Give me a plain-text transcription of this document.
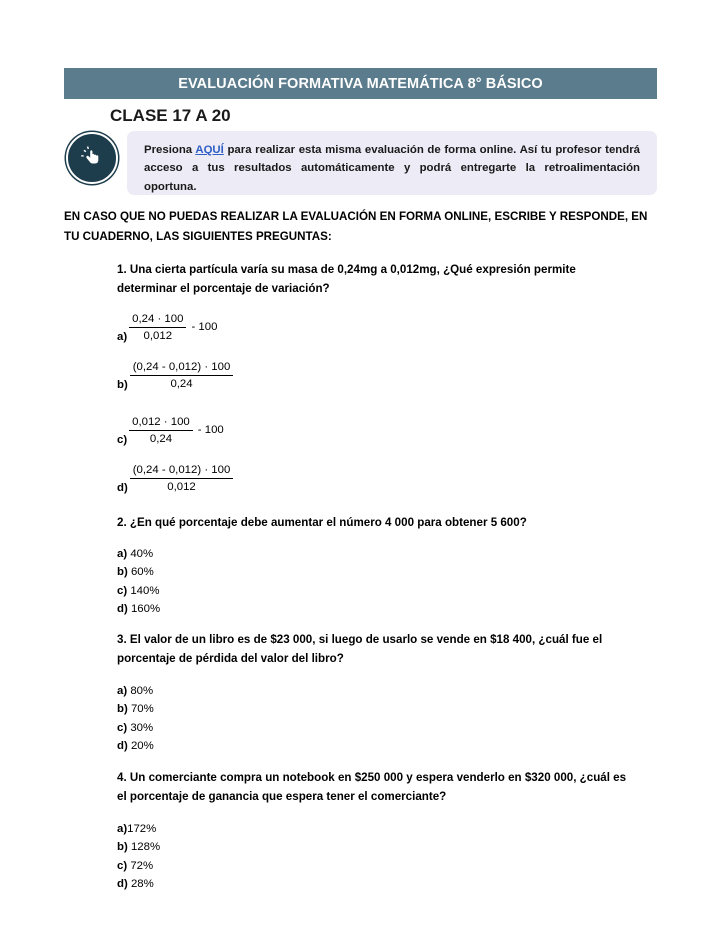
EVALUACIÓN FORMATIVA MATEMÁTICA 8° BÁSICO
CLASE 17 A 20
Presiona AQUÍ para realizar esta misma evaluación de forma online. Así tu profesor tendrá acceso a tus resultados automáticamente y podrá entregarte la retroalimentación oportuna.
EN CASO QUE NO PUEDAS REALIZAR LA EVALUACIÓN EN FORMA ONLINE, ESCRIBE Y RESPONDE, EN TU CUADERNO, LAS SIGUIENTES PREGUNTAS:
1. Una cierta partícula varía su masa de 0,24mg a 0,012mg, ¿Qué expresión permite determinar el porcentaje de variación?
$a) \frac{0,24 \cdot 100}{0,012} - 100$
$b) \frac{(0,24 - 0,012) \cdot 100}{0,24}$
$c) \frac{0,012 \cdot 100}{0,24} - 100$
$d) \frac{(0,24 - 0,012) \cdot 100}{0,012}$
2. ¿En qué porcentaje debe aumentar el número 4 000 para obtener 5 600?
a) 40%
b) 60%
c) 140%
d) 160%
3. El valor de un libro es de $23 000, si luego de usarlo se vende en $18 400, ¿cuál fue el porcentaje de pérdida del valor del libro?
a) 80%
b) 70%
c) 30%
d) 20%
4. Un comerciante compra un notebook en $250 000 y espera venderlo en $320 000, ¿cuál es el porcentaje de ganancia que espera tener el comerciante?
a)172%
b) 128%
c) 72%
d) 28%
